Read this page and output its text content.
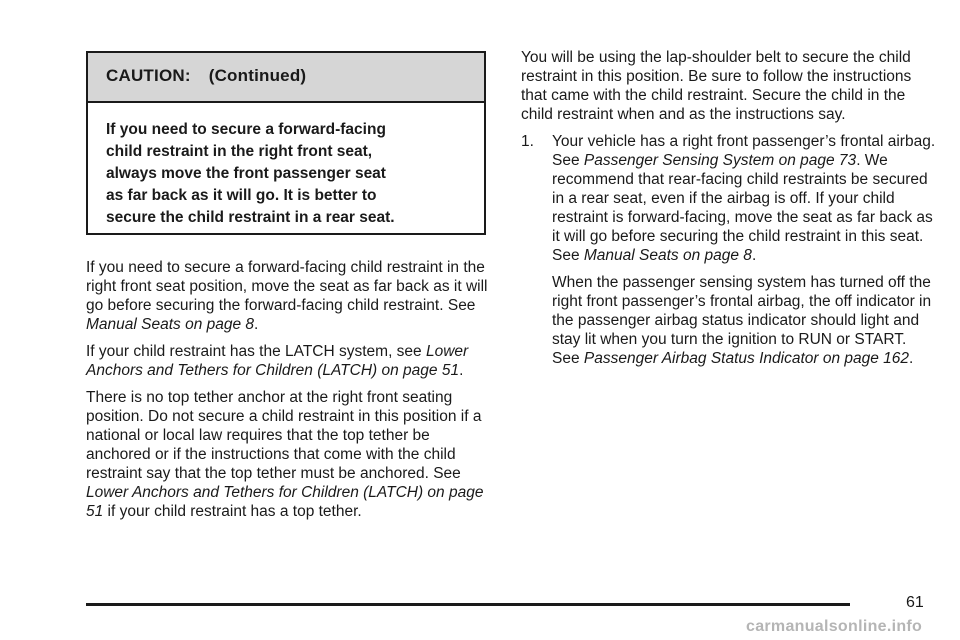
CAUTION: (Continued)
If you need to secure a forward-facing
child restraint in the right front seat,
always move the front passenger seat
as far back as it will go. It is better to
secure the child restraint in a rear seat.

If you need to secure a forward-facing child restraint in the right front seat position, move the seat as far back as it will go before securing the forward-facing child restraint. See Manual Seats on page 8.

If your child restraint has the LATCH system, see Lower Anchors and Tethers for Children (LATCH) on page 51.

There is no top tether anchor at the right front seating position. Do not secure a child restraint in this position if a national or local law requires that the top tether be anchored or if the instructions that come with the child restraint say that the top tether must be anchored. See Lower Anchors and Tethers for Children (LATCH) on page 51 if your child restraint has a top tether.

You will be using the lap-shoulder belt to secure the child restraint in this position. Be sure to follow the instructions that came with the child restraint. Secure the child in the child restraint when and as the instructions say.

1. Your vehicle has a right front passenger’s frontal airbag. See Passenger Sensing System on page 73. We recommend that rear-facing child restraints be secured in a rear seat, even if the airbag is off. If your child restraint is forward-facing, move the seat as far back as it will go before securing the child restraint in this seat. See Manual Seats on page 8.

When the passenger sensing system has turned off the right front passenger’s frontal airbag, the off indicator in the passenger airbag status indicator should light and stay lit when you turn the ignition to RUN or START. See Passenger Airbag Status Indicator on page 162.

61
carmanualsonline.info
